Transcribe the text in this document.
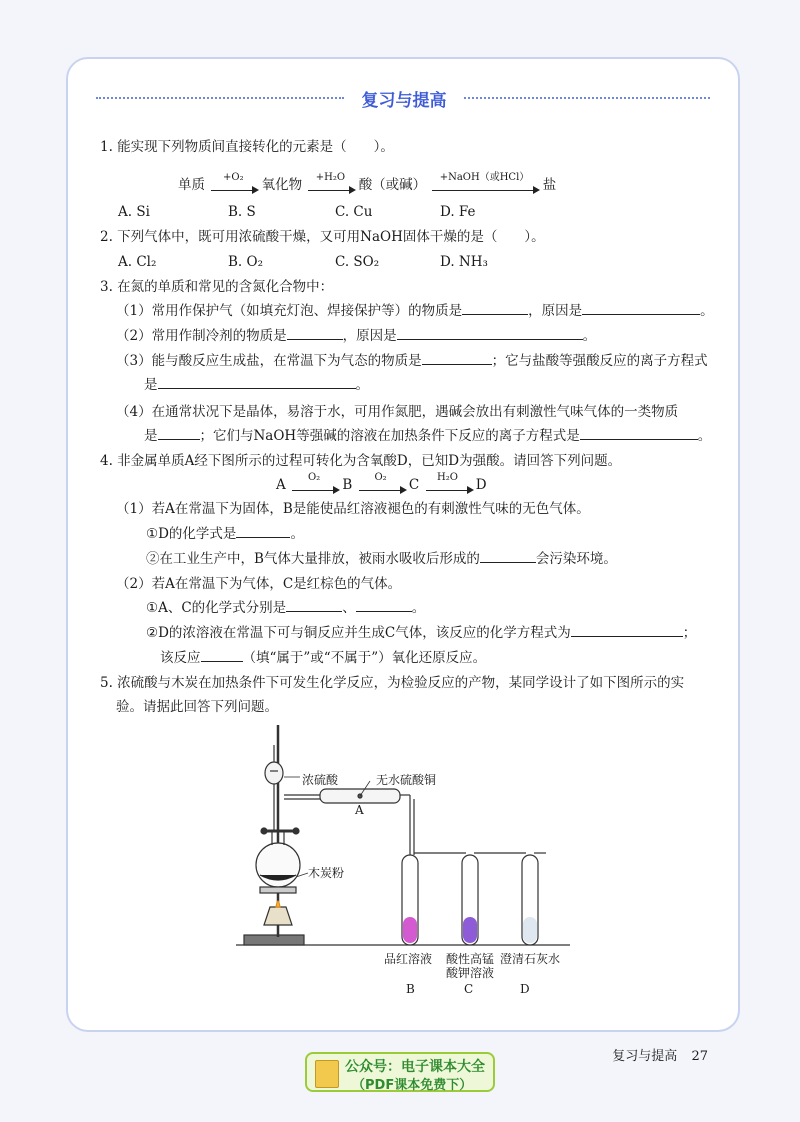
复习与提高
1. 能实现下列物质间直接转化的元素是（　　）。
单质	+O₂	氧化物	+H₂O	酸（或碱）	+NaOH（或HCl）	盐
A. Si	B. S	C. Cu	D. Fe
2. 下列气体中，既可用浓硫酸干燥，又可用NaOH固体干燥的是（　　）。
A. Cl₂	B. O₂	C. SO₂	D. NH₃
3. 在氮的单质和常见的含氮化合物中：
（1）常用作保护气（如填充灯泡、焊接保护等）的物质是	，原因是	。
（2）常用作制冷剂的物质是	，原因是	。
（3）能与酸反应生成盐，在常温下为气态的物质是	；它与盐酸等强酸反应的离子方程式
是	。
（4）在通常状况下是晶体，易溶于水，可用作氮肥，遇碱会放出有刺激性气味气体的一类物质
是	；它们与NaOH等强碱的溶液在加热条件下反应的离子方程式是	。
4. 非金属单质A经下图所示的过程可转化为含氧酸D，已知D为强酸。请回答下列问题。
A	O₂	B	O₂	C	H₂O	D
（1）若A在常温下为固体，B是能使品红溶液褪色的有刺激性气味的无色气体。
①D的化学式是	。
②在工业生产中，B气体大量排放，被雨水吸收后形成的	会污染环境。
（2）若A在常温下为气体，C是红棕色的气体。
①A、C的化学式分别是	、	。
②D的浓溶液在常温下可与铜反应并生成C气体，该反应的化学方程式为	；
该反应	（填“属于”或“不属于”）氧化还原反应。
5. 浓硫酸与木炭在加热条件下可发生化学反应，为检验反应的产物，某同学设计了如下图所示的实
验。请据此回答下列问题。
浓硫酸	无水硫酸铜
A
木炭粉
品红溶液 酸性高锰
酸钾溶液
澄清石灰水
B	C	D
复习与提高 27
公众号：电子课本大全
（PDF课本免费下）
